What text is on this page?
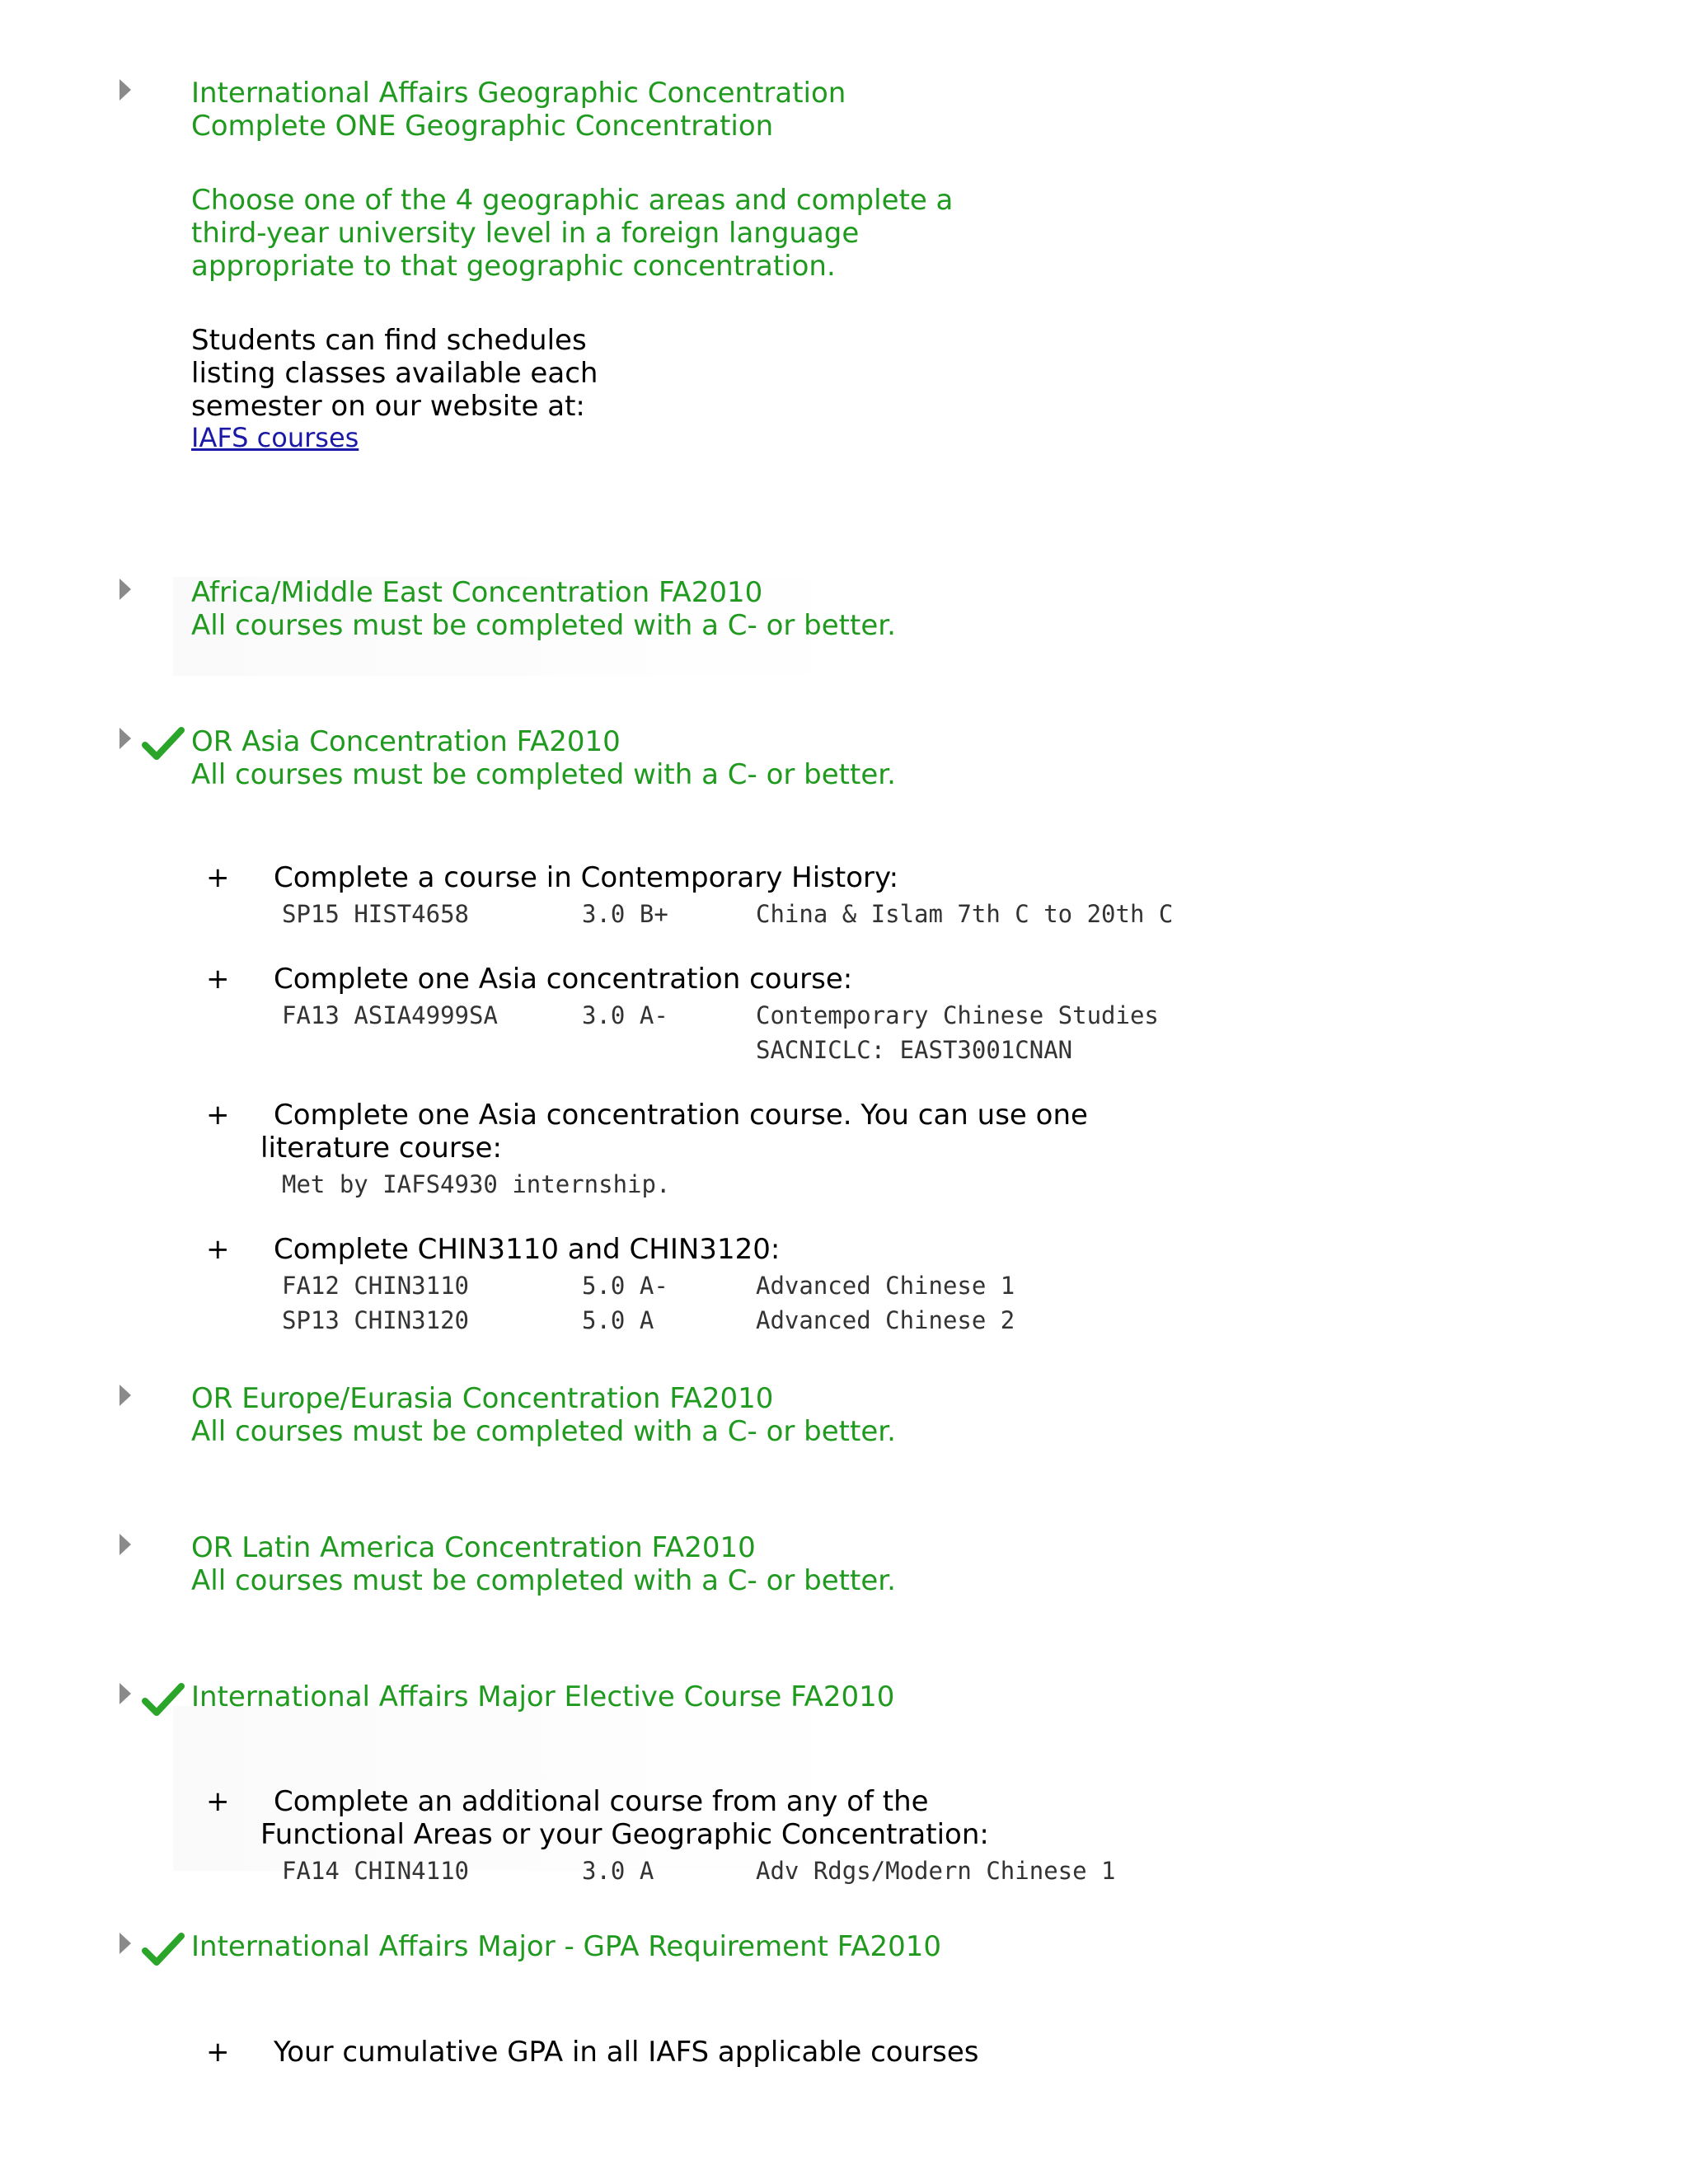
International Affairs Geographic Concentration
Complete ONE Geographic Concentration
Choose one of the 4 geographic areas and complete a
third-year university level in a foreign language
appropriate to that geographic concentration.
Students can find schedules
listing classes available each
semester on our website at:
IAFS courses
Africa/Middle East Concentration FA2010
All courses must be completed with a C- or better.
OR Asia Concentration FA2010
All courses must be completed with a C- or better.
+ Complete a course in Contemporary History:
SP15 HIST4658	3.0 B+	China & Islam 7th C to 20th C
+ Complete one Asia concentration course:
FA13 ASIA4999SA	3.0 A-	Contemporary Chinese Studies
SACNICLC: EAST3001CNAN
+ Complete one Asia concentration course. You can use one
literature course:
Met by IAFS4930 internship.
+ Complete CHIN3110 and CHIN3120:
FA12 CHIN3110	5.0 A-	Advanced Chinese 1
SP13 CHIN3120	5.0 A	Advanced Chinese 2
OR Europe/Eurasia Concentration FA2010
All courses must be completed with a C- or better.
OR Latin America Concentration FA2010
All courses must be completed with a C- or better.
International Affairs Major Elective Course FA2010
+ Complete an additional course from any of the
Functional Areas or your Geographic Concentration:
FA14 CHIN4110	3.0 A	Adv Rdgs/Modern Chinese 1
International Affairs Major - GPA Requirement FA2010
+ Your cumulative GPA in all IAFS applicable courses
